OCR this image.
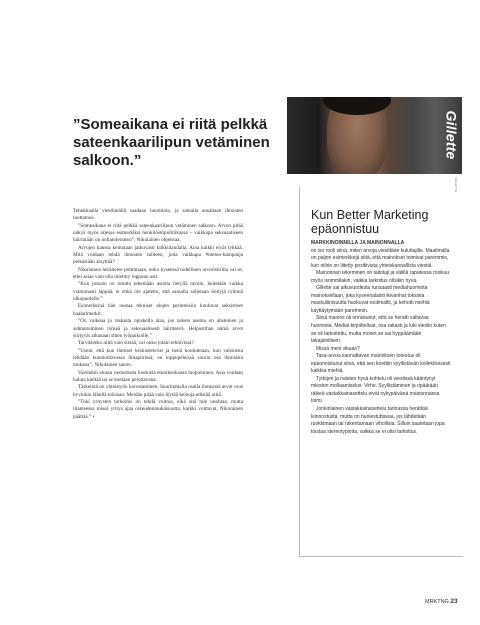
”Someaikana ei riitä pelkkä sateenkaarilipun vetäminen salkoon.”

Tehokkaalla viestinnällä saadaan huomiota, ja samalla ansaitaan ihmisten luottamus.

”Someaikana ei riitä pelkkä sateenkaarilipun vetäminen salkoon. Arvon pitää näkyä myös arjessa esimerkiksi henkilöstöpolitiikassa – vaikkapa seksuaaliseen häirintään on nollatoleranssi”, Nikulainen ohjeistaa.

Arvojen kanssa keinutaan jatkuvasti kiikkulaudalla. Aina kaikki eivät tykkää. Mitä voidaan tehdä ihmisten suhteen, joita vaikkapa #metoo-kampanja pelkästään ärsyttää?

Nikulainen herättelee pohtimaan, onko kyseessä todellinen arvoristiriita vai se, ettei asiaa vain olla mietitty loppuun asti.

”Kun jossain on totuttu tekemään asioita tietyllä tavoin, heitetään vaikka viattomasti läppää, ei ehkä ole ajateltu, että samalla suljetaan tiettyjä ryhmiä ulkopuolelle.”

Esimerkkinä hän nostaa tekniset alojen perinteisiin kuuluvat seksistiset haalarimerkit.

”On vaikeaa ja raskasta opiskella alaa, jos naisen asema on alisteinen ja suhtautuminen törkeä ja seksuaalisesti häiritsevä. Helpostihan nämä arvot siirtyvät aikanaan sitten työpaikoille.”

Tarvitseeko niitä vain sietää, vai onko jotain tehtävissä?

”Usein, että kun ihmiset keskustelevat ja heitä koulutetaan, kun valistusta tehdään kunnioittavassa ilmapiirissä, on loppupeleissä suurin osa ihmisistä mukana”, Nikulainen sanoo.

Varsinkin alussa vastustusta luomista etuoikeuksista luopuminen. Asia voidaan haluta kieltää tai se koetaan pelottavana.

Tärkeintä on yhteistyön korostaminen. Suurimmalla osalla ihmisistä arvot ovat hyvinkin lähellä toisiaan. Meidän pitää vain löytää keinoja edistää niitä.

”Toki yritysten tarkoitus on tehdä voittoa, eikä sitä tule unohtaa, mutta tilanteessa missä yritys ajaa oikeudenmukaisuutta, kaikki voittavat, Nikulainen päättää.” •

Gillette
GILLETTE
Kun Better Marketing epäonnistuu

MARKKINOINNILLA JA MAINONNALLA
on iso rooli siinä, miten arvoja viestitään kuluttajille. Maailmalla on paljon esimerkkejä siitä, että mainokset toimivat paremmin, kun niihin on liitetty positiivista yhteiskunnallista viestiä.

Mainonnan tekeminen on taitolaji ja välillä rapatessa roiskuu myös isommilakin, vaikka tarkoitus olisikin hyvä.

Gillette sai alkuvuodesta runsaasti mediahuomiota mainoksellaan, joka kyseenalaisti ikivanhat toksista maskuliinisuutta huokuvat roolimallit, ja kehotti miehiä käyttäytymään paremmin.

Siinä mainos oli onnistunut, että se herätti valtavaa huomiota. Mediat kirjoittelivat, osa rakasti ja luki viestin kuten se oli tarkoitettu, mutta monet se sai hyppäämään takajaloilleen.

Missä meni vikaan?

Tasa-arvoa kannattavan mainoksen toteutus oli epäonnistunut siinä, että sen koettiin syyllistävän kollektiivisesti kaikkia miehiä.

Tyttöjen ja naisten hyvä kohtelu oli viestissä kääntynyt miesten mollaamiseksi. Virhe. Syyllistäminen ja ripäätään räikeä vastakkainasettelu eivät nykypäivänä mainonnassa toimi.

Jonkinlainen vastakkainasettelu tarinassa herättää kiinnostusta, mutta on huolestuttavaa, jos lähdetään ruokkimaan tai rakentamaan vihollisia. Silloin saatetaan jopa toistaa stereotypioita, vaikka se ei olisi tarkoitus.

MRKTNG 23
